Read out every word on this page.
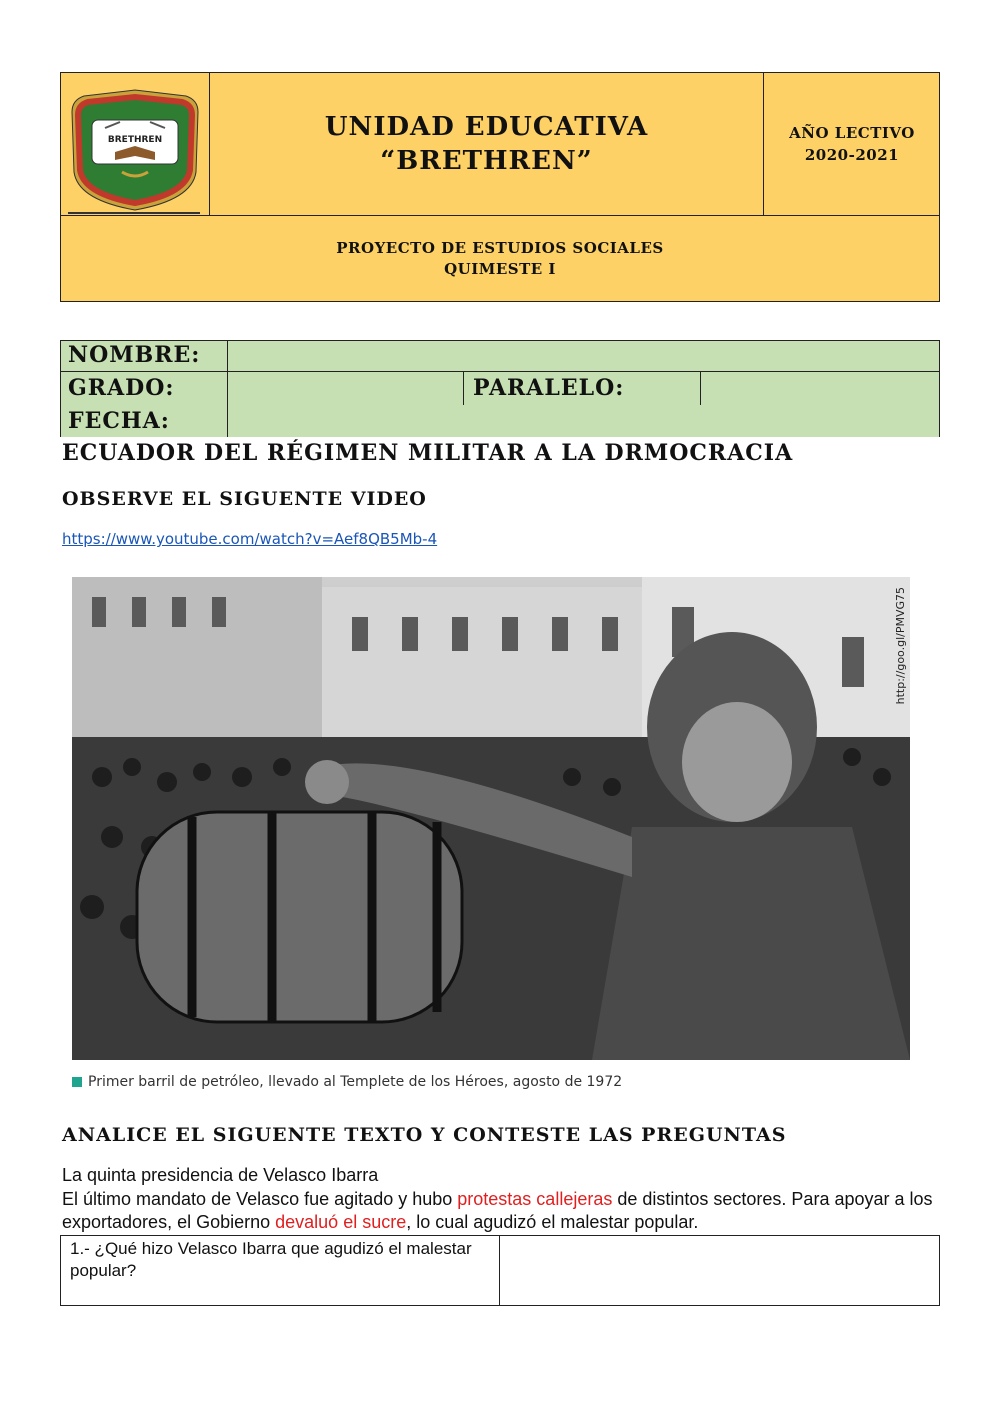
BRETHREN	UNIDAD EDUCATIVA
“BRETHREN”
AÑO LECTIVO
2020-2021
PROYECTO DE ESTUDIOS SOCIALES
QUIMESTE I
NOMBRE:
GRADO:	PARALELO:
FECHA:
ECUADOR DEL RÉGIMEN MILITAR A LA DRMOCRACIA
OBSERVE EL SIGUENTE VIDEO
https://www.youtube.com/watch?v=Aef8QB5Mb-4
http://goo.gl/PMVG75
Primer barril de petróleo, llevado al Templete de los Héroes, agosto de 1972
ANALICE EL SIGUENTE TEXTO Y CONTESTE LAS PREGUNTAS
La quinta presidencia de Velasco Ibarra
El último mandato de Velasco fue agitado y hubo protestas callejeras de distintos sectores. Para apoyar a los exportadores, el Gobierno devaluó el sucre, lo cual agudizó el malestar popular.
1.- ¿Qué hizo Velasco Ibarra que agudizó el malestar popular?
